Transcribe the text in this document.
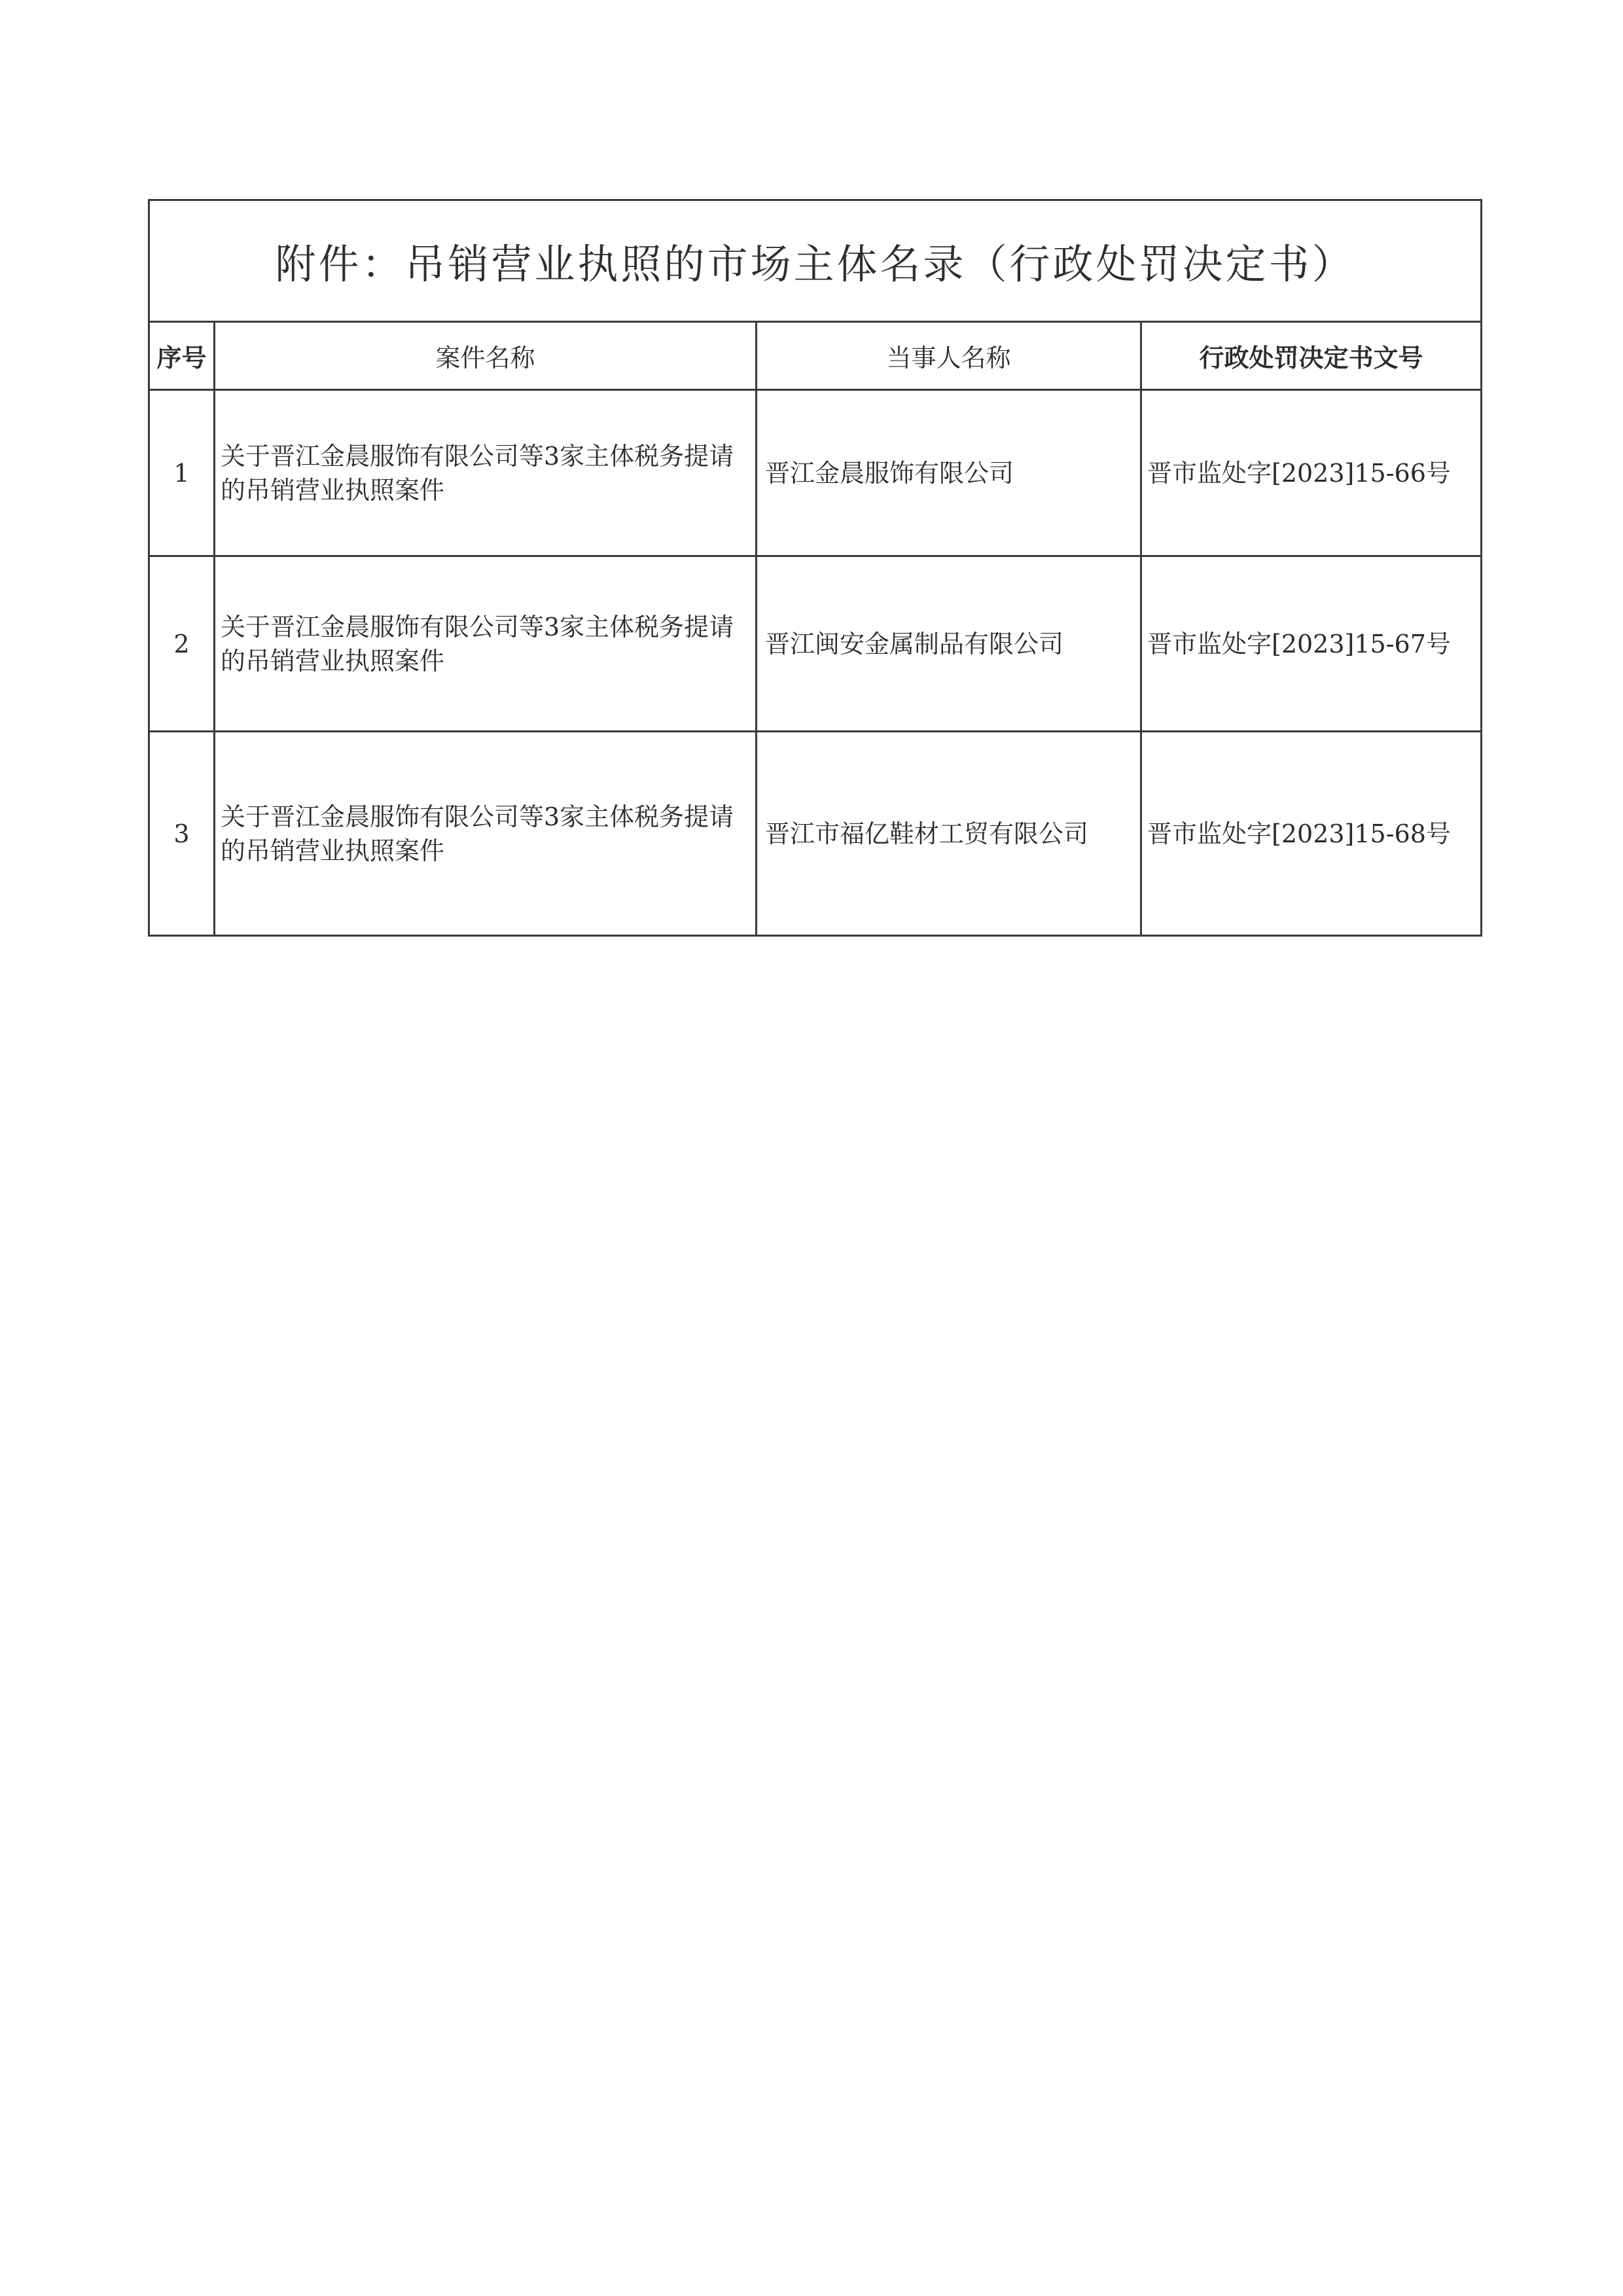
附件：吊销营业执照的市场主体名录（行政处罚决定书）			
序号	案件名称	当事人名称	行政处罚决定书文号
1	关于晋江金晨服饰有限公司等3家主体税务提请的吊销营业执照案件	晋江金晨服饰有限公司	晋市监处字[2023]15-66号
2	关于晋江金晨服饰有限公司等3家主体税务提请的吊销营业执照案件	晋江闽安金属制品有限公司	晋市监处字[2023]15-67号
3	关于晋江金晨服饰有限公司等3家主体税务提请的吊销营业执照案件	晋江市福亿鞋材工贸有限公司	晋市监处字[2023]15-68号
